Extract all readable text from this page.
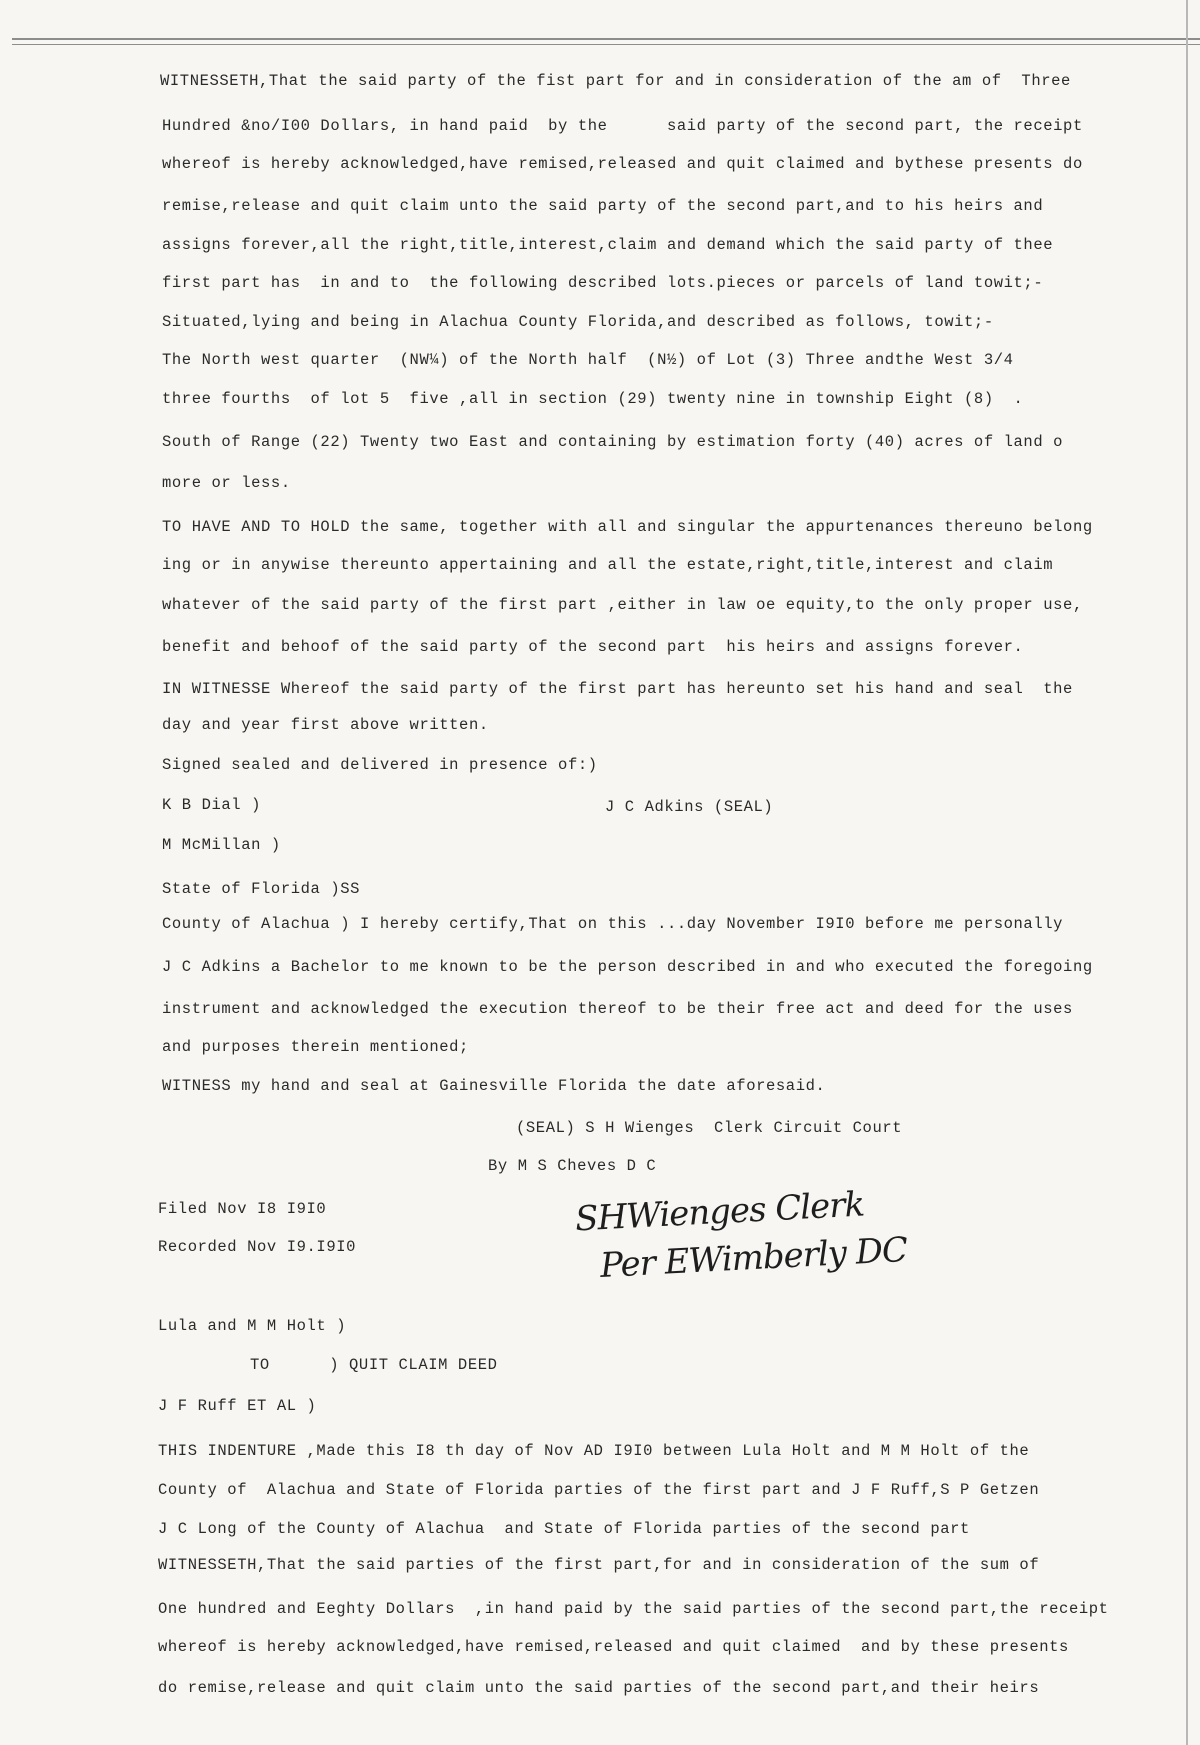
WITNESSETH,That the said party of the fist part for and in consideration of the am of  Three
Hundred &no/I00 Dollars, in hand paid  by the      said party of the second part, the receipt
whereof is hereby acknowledged,have remised,released and quit claimed and bythese presents do
remise,release and quit claim unto the said party of the second part,and to his heirs and
assigns forever,all the right,title,interest,claim and demand which the said party of thee
first part has  in and to  the following described lots.pieces or parcels of land towit;-
Situated,lying and being in Alachua County Florida,and described as follows, towit;-
The North west quarter  (NW¼) of the North half  (N½) of Lot (3) Three andthe West 3/4
three fourths  of lot 5  five ,all in section (29) twenty nine in township Eight (8)  .
South of Range (22) Twenty two East and containing by estimation forty (40) acres of land o
more or less.
TO HAVE AND TO HOLD the same, together with all and singular the appurtenances thereuno belong
ing or in anywise thereunto appertaining and all the estate,right,title,interest and claim
whatever of the said party of the first part ,either in law oe equity,to the only proper use,
benefit and behoof of the said party of the second part  his heirs and assigns forever.
IN WITNESSE Whereof the said party of the first part has hereunto set his hand and seal  the
day and year first above written.
Signed sealed and delivered in presence of:)
K B Dial )	J C Adkins (SEAL)
M McMillan )
State of Florida )SS
County of Alachua ) I hereby certify,That on this ...day November I9I0 before me personally
J C Adkins a Bachelor to me known to be the person described in and who executed the foregoing
instrument and acknowledged the execution thereof to be their free act and deed for the uses
and purposes therein mentioned;
WITNESS my hand and seal at Gainesville Florida the date aforesaid.
(SEAL) S H Wienges  Clerk Circuit Court
By M S Cheves D C
Filed Nov I8 I9I0
Recorded Nov I9.I9I0
SHWienges Clerk
Per EWimberly DC
Lula and M M Holt )
TO      ) QUIT CLAIM DEED
J F Ruff ET AL )
THIS INDENTURE ,Made this I8 th day of Nov AD I9I0 between Lula Holt and M M Holt of the
County of  Alachua and State of Florida parties of the first part and J F Ruff,S P Getzen
J C Long of the County of Alachua  and State of Florida parties of the second part
WITNESSETH,That the said parties of the first part,for and in consideration of the sum of
One hundred and Eeghty Dollars  ,in hand paid by the said parties of the second part,the receipt
whereof is hereby acknowledged,have remised,released and quit claimed  and by these presents
do remise,release and quit claim unto the said parties of the second part,and their heirs
